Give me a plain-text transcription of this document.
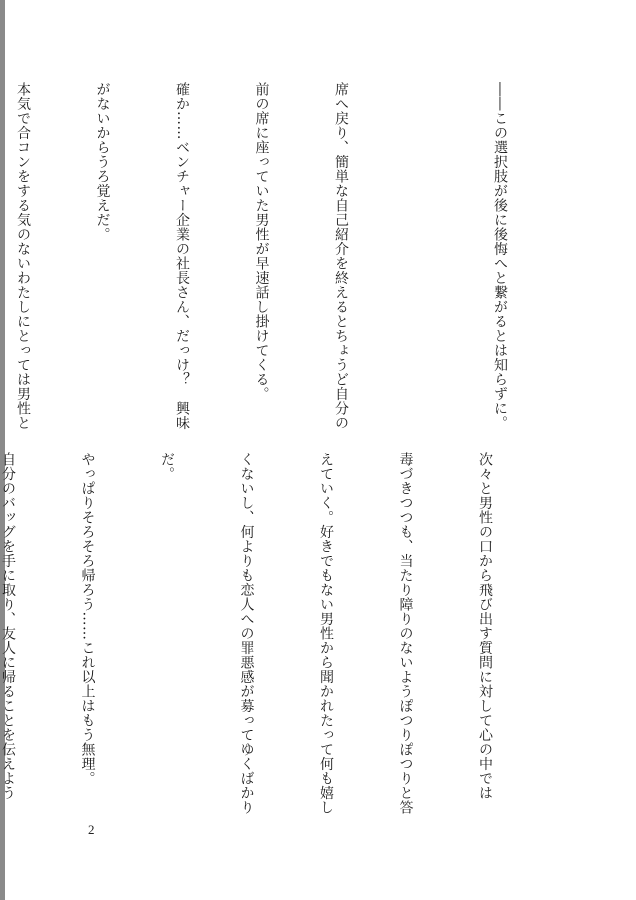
――この選択肢が後に後悔へと繋がるとは知らずに。

席へ戻り、簡単な自己紹介を終えるとちょうど自分の

前の席に座っていた男性が早速話し掛けてくる。

確か……ベンチャー企業の社長さん、だっけ？　興味

がないからうろ覚えだ。

本気で合コンをする気のないわたしにとっては男性と

次々と男性の口から飛び出す質問に対して心の中では

毒づきつつも、当たり障りのないようぽつりぽつりと答

えていく。好きでもない男性から聞かれたって何も嬉し

くないし、何よりも恋人への罪悪感が募ってゆくばかり

だ。

やっぱりそろそろ帰ろう……これ以上はもう無理。

自分のバッグを手に取り、友人に帰ることを伝えよう

2
